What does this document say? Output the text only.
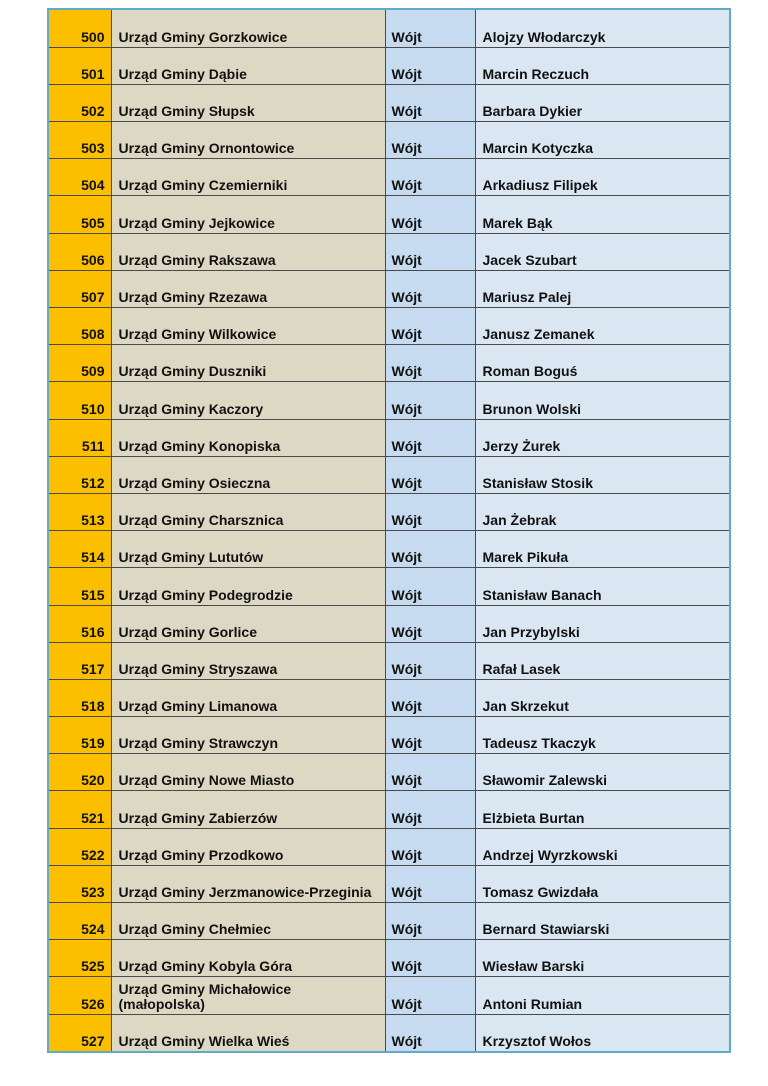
500	Urząd Gminy Gorzkowice	Wójt	Alojzy Włodarczyk
501	Urząd Gminy Dąbie	Wójt	Marcin Reczuch
502	Urząd Gminy Słupsk	Wójt	Barbara Dykier
503	Urząd Gminy Ornontowice	Wójt	Marcin Kotyczka
504	Urząd Gminy Czemierniki	Wójt	Arkadiusz Filipek
505	Urząd Gminy Jejkowice	Wójt	Marek Bąk
506	Urząd Gminy Rakszawa	Wójt	Jacek Szubart
507	Urząd Gminy Rzezawa	Wójt	Mariusz Palej
508	Urząd Gminy Wilkowice	Wójt	Janusz Zemanek
509	Urząd Gminy Duszniki	Wójt	Roman Boguś
510	Urząd Gminy Kaczory	Wójt	Brunon Wolski
511	Urząd Gminy Konopiska	Wójt	Jerzy Żurek
512	Urząd Gminy Osieczna	Wójt	Stanisław Stosik
513	Urząd Gminy Charsznica	Wójt	Jan Żebrak
514	Urząd Gminy Lututów	Wójt	Marek Pikuła
515	Urząd Gminy Podegrodzie	Wójt	Stanisław Banach
516	Urząd Gminy Gorlice	Wójt	Jan Przybylski
517	Urząd Gminy Stryszawa	Wójt	Rafał Lasek
518	Urząd Gminy Limanowa	Wójt	Jan Skrzekut
519	Urząd Gminy Strawczyn	Wójt	Tadeusz Tkaczyk
520	Urząd Gminy Nowe Miasto	Wójt	Sławomir Zalewski
521	Urząd Gminy Zabierzów	Wójt	Elżbieta Burtan
522	Urząd Gminy Przodkowo	Wójt	Andrzej Wyrzkowski
523	Urząd Gminy Jerzmanowice-Przeginia	Wójt	Tomasz Gwizdała
524	Urząd Gminy Chełmiec	Wójt	Bernard Stawiarski
525	Urząd Gminy Kobyla Góra	Wójt	Wiesław Barski
526	Urząd Gminy Michałowice (małopolska)	Wójt	Antoni Rumian
527	Urząd Gminy Wielka Wieś	Wójt	Krzysztof Wołos
